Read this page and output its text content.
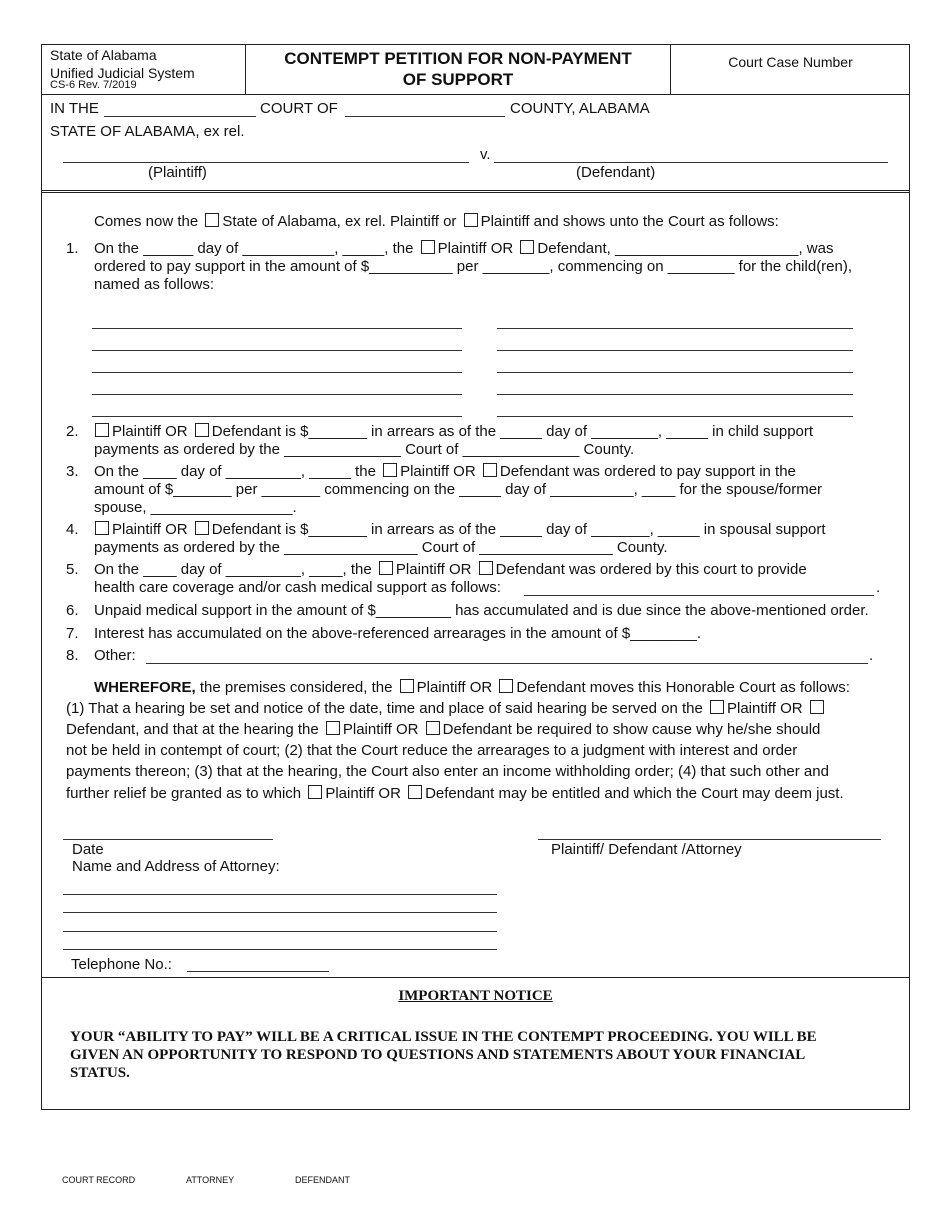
State of Alabama
Unified Judicial System
CS-6 Rev. 7/2019
CONTEMPT PETITION FOR NON-PAYMENT
OF SUPPORT
Court Case Number
IN THE	COURT OF	COUNTY, ALABAMA
STATE OF ALABAMA, ex rel.
v.
(Plaintiff)	(Defendant)
Comes now the State of Alabama, ex rel. Plaintiff or Plaintiff and shows unto the Court as follows:
1. On the ______ day of ___________, _____, the Plaintiff OR Defendant, ______________________, was
ordered to pay support in the amount of $__________ per ________, commencing on ________ for the child(ren),
named as follows:
2.	Plaintiff OR Defendant is $_______ in arrears as of the _____ day of ________, _____ in child support
payments as ordered by the ______________ Court of ______________ County.
3. On the ____ day of _________, _____ the Plaintiff OR Defendant was ordered to pay support in the
amount of $_______ per _______ commencing on the _____ day of __________, ____ for the spouse/former
spouse, _________________.
4.	Plaintiff OR Defendant is $_______ in arrears as of the _____ day of _______, _____ in spousal support
payments as ordered by the ________________ Court of ________________ County.
5. On the ____ day of _________, ____, the Plaintiff OR Defendant was ordered by this court to provide
health care coverage and/or cash medical support as follows:	.
6. Unpaid medical support in the amount of $_________ has accumulated and is due since the above-mentioned order.
7. Interest has accumulated on the above-referenced arrearages in the amount of $________.
8. Other:	.
WHEREFORE, the premises considered, the Plaintiff OR Defendant moves this Honorable Court as follows:
(1) That a hearing be set and notice of the date, time and place of said hearing be served on the Plaintiff OR
Defendant, and that at the hearing the Plaintiff OR Defendant be required to show cause why he/she should
not be held in contempt of court; (2) that the Court reduce the arrearages to a judgment with interest and order
payments thereon; (3) that at the hearing, the Court also enter an income withholding order; (4) that such other and
further relief be granted as to which Plaintiff OR Defendant may be entitled and which the Court may deem just.
Date
Name and Address of Attorney:
Plaintiff/ Defendant /Attorney
Telephone No.:
IMPORTANT NOTICE
YOUR “ABILITY TO PAY” WILL BE A CRITICAL ISSUE IN THE CONTEMPT PROCEEDING. YOU WILL BE
GIVEN AN OPPORTUNITY TO RESPOND TO QUESTIONS AND STATEMENTS ABOUT YOUR FINANCIAL
STATUS.
COURT RECORD	ATTORNEY	DEFENDANT
